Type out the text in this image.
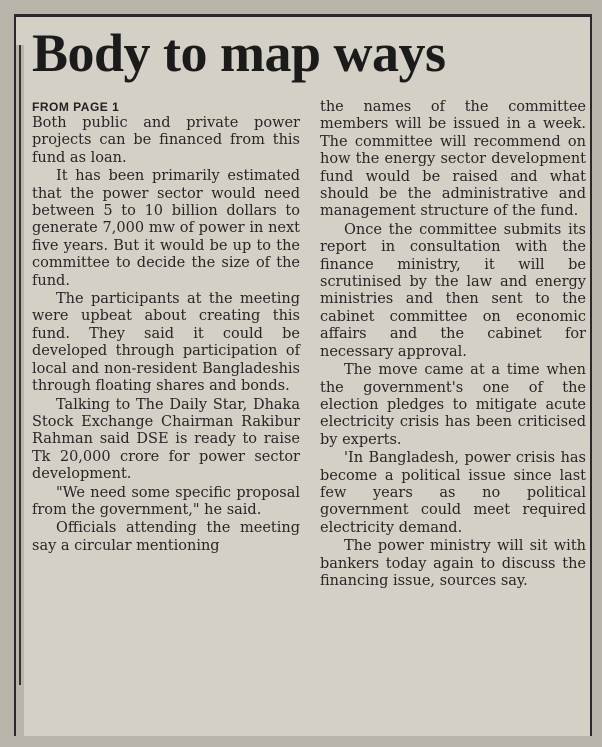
Body to map ways
FROM PAGE 1

Both public and private power projects can be financed from this fund as loan.

It has been primarily estimated that the power sector would need between 5 to 10 billion dollars to generate 7,000 mw of power in next five years. But it would be up to the committee to decide the size of the fund.

The participants at the meeting were upbeat about creating this fund. They said it could be developed through participation of local and non-resident Bangladeshis through floating shares and bonds.

Talking to The Daily Star, Dhaka Stock Exchange Chairman Rakibur Rahman said DSE is ready to raise Tk 20,000 crore for power sector development.

"We need some specific proposal from the government," he said.

Officials attending the meeting say a circular mentioning

the names of the committee members will be issued in a week. The committee will recommend on how the energy sector development fund would be raised and what should be the administrative and management structure of the fund.

Once the committee submits its report in consultation with the finance ministry, it will be scrutinised by the law and energy ministries and then sent to the cabinet committee on economic affairs and the cabinet for necessary approval.

The move came at a time when the government's one of the election pledges to mitigate acute electricity crisis has been criticised by experts.

'In Bangladesh, power crisis has become a political issue since last few years as no political government could meet required electricity demand.

The power ministry will sit with bankers today again to discuss the financing issue, sources say.
